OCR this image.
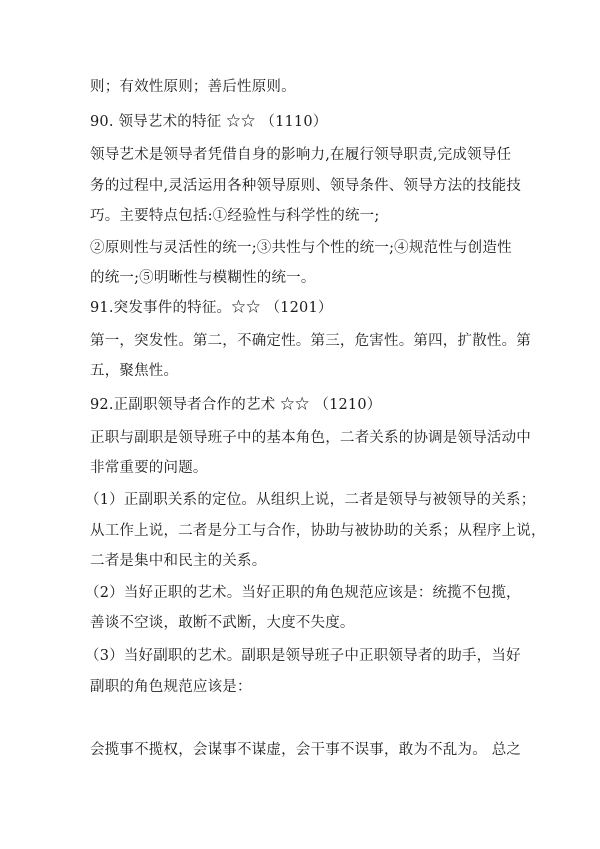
则；有效性原则；善后性原则。
90. 领导艺术的特征 ☆☆ （1110）
领导艺术是领导者凭借自身的影响力,在履行领导职责,完成领导任
务的过程中,灵活运用各种领导原则、领导条件、领导方法的技能技
巧。主要特点包括:①经验性与科学性的统一;
②原则性与灵活性的统一;③共性与个性的统一;④规范性与创造性
的统一;⑤明晰性与模糊性的统一。
91.突发事件的特征。☆☆ （1201）
第一，突发性。第二，不确定性。第三，危害性。第四，扩散性。第
五，聚焦性。
92.正副职领导者合作的艺术 ☆☆ （1210）
正职与副职是领导班子中的基本角色，二者关系的协调是领导活动中
非常重要的问题。
（1）正副职关系的定位。从组织上说，二者是领导与被领导的关系；
从工作上说，二者是分工与合作，协助与被协助的关系；从程序上说，
二者是集中和民主的关系。
（2）当好正职的艺术。当好正职的角色规范应该是：统揽不包揽，
善谈不空谈，敢断不武断，大度不失度。
（3）当好副职的艺术。副职是领导班子中正职领导者的助手，当好
副职的角色规范应该是：
会揽事不揽权，会谋事不谋虚，会干事不误事，敢为不乱为。 总之
